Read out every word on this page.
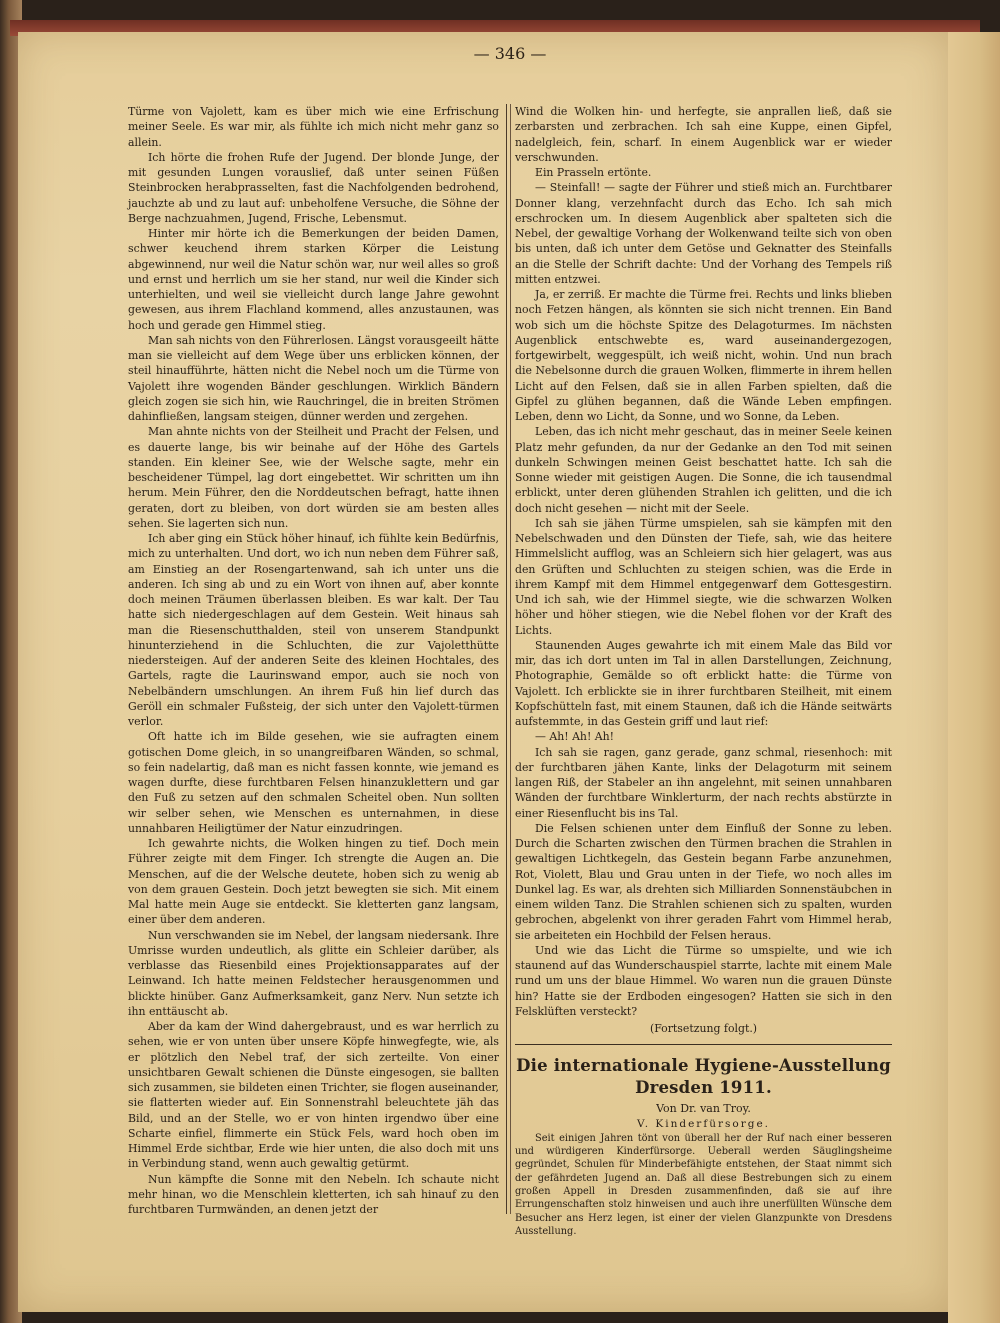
— 346 —

Türme von Vajolett, kam es über mich wie eine Erfrischung meiner Seele. Es war mir, als fühlte ich mich nicht mehr ganz so allein.

Ich hörte die frohen Rufe der Jugend. Der blonde Junge, der mit gesunden Lungen vorauslief, daß unter seinen Füßen Steinbrocken herabprasselten, fast die Nachfolgenden bedrohend, jauchzte ab und zu laut auf: unbeholfene Versuche, die Söhne der Berge nachzuahmen, Jugend, Frische, Lebensmut.

Hinter mir hörte ich die Bemerkungen der beiden Damen, schwer keuchend ihrem starken Körper die Leistung abgewinnend, nur weil die Natur schön war, nur weil alles so groß und ernst und herrlich um sie her stand, nur weil die Kinder sich unterhielten, und weil sie vielleicht durch lange Jahre gewohnt gewesen, aus ihrem Flachland kommend, alles anzustaunen, was hoch und gerade gen Himmel stieg.

Man sah nichts von den Führerlosen. Längst vorausgeeilt hätte man sie vielleicht auf dem Wege über uns erblicken können, der steil hinaufführte, hätten nicht die Nebel noch um die Türme von Vajolett ihre wogenden Bänder geschlungen. Wirklich Bändern gleich zogen sie sich hin, wie Rauchringel, die in breiten Strömen dahinfließen, langsam steigen, dünner werden und zergehen.

Man ahnte nichts von der Steilheit und Pracht der Felsen, und es dauerte lange, bis wir beinahe auf der Höhe des Gartels standen. Ein kleiner See, wie der Welsche sagte, mehr ein bescheidener Tümpel, lag dort eingebettet. Wir schritten um ihn herum. Mein Führer, den die Norddeutschen befragt, hatte ihnen geraten, dort zu bleiben, von dort würden sie am besten alles sehen. Sie lagerten sich nun.

Ich aber ging ein Stück höher hinauf, ich fühlte kein Bedürfnis, mich zu unterhalten. Und dort, wo ich nun neben dem Führer saß, am Einstieg an der Rosengartenwand, sah ich unter uns die anderen. Ich sing ab und zu ein Wort von ihnen auf, aber konnte doch meinen Träumen überlassen bleiben. Es war kalt. Der Tau hatte sich niedergeschlagen auf dem Gestein. Weit hinaus sah man die Riesenschutthalden, steil von unserem Standpunkt hinunterziehend in die Schluchten, die zur Vajoletthütte niedersteigen. Auf der anderen Seite des kleinen Hochtales, des Gartels, ragte die Laurinswand empor, auch sie noch von Nebelbändern umschlungen. An ihrem Fuß hin lief durch das Geröll ein schmaler Fußsteig, der sich unter den Vajolett-türmen verlor.

Oft hatte ich im Bilde gesehen, wie sie aufragten einem gotischen Dome gleich, in so unangreifbaren Wänden, so schmal, so fein nadelartig, daß man es nicht fassen konnte, wie jemand es wagen durfte, diese furchtbaren Felsen hinanzuklettern und gar den Fuß zu setzen auf den schmalen Scheitel oben. Nun sollten wir selber sehen, wie Menschen es unternahmen, in diese unnahbaren Heiligtümer der Natur einzudringen.

Ich gewahrte nichts, die Wolken hingen zu tief. Doch mein Führer zeigte mit dem Finger. Ich strengte die Augen an. Die Menschen, auf die der Welsche deutete, hoben sich zu wenig ab von dem grauen Gestein. Doch jetzt bewegten sie sich. Mit einem Mal hatte mein Auge sie entdeckt. Sie kletterten ganz langsam, einer über dem anderen.

Nun verschwanden sie im Nebel, der langsam niedersank. Ihre Umrisse wurden undeutlich, als glitte ein Schleier darüber, als verblasse das Riesenbild eines Projektionsapparates auf der Leinwand. Ich hatte meinen Feldstecher herausgenommen und blickte hinüber. Ganz Aufmerksamkeit, ganz Nerv. Nun setzte ich ihn enttäuscht ab.

Aber da kam der Wind dahergebraust, und es war herrlich zu sehen, wie er von unten über unsere Köpfe hinwegfegte, wie, als er plötzlich den Nebel traf, der sich zerteilte. Von einer unsichtbaren Gewalt schienen die Dünste eingesogen, sie ballten sich zusammen, sie bildeten einen Trichter, sie flogen auseinander, sie flatterten wieder auf. Ein Sonnenstrahl beleuchtete jäh das Bild, und an der Stelle, wo er von hinten irgendwo über eine Scharte einfiel, flimmerte ein Stück Fels, ward hoch oben im Himmel Erde sichtbar, Erde wie hier unten, die also doch mit uns in Verbindung stand, wenn auch gewaltig getürmt.

Nun kämpfte die Sonne mit den Nebeln. Ich schaute nicht mehr hinan, wo die Menschlein kletterten, ich sah hinauf zu den furchtbaren Turmwänden, an denen jetzt der

Wind die Wolken hin- und herfegte, sie anprallen ließ, daß sie zerbarsten und zerbrachen. Ich sah eine Kuppe, einen Gipfel, nadelgleich, fein, scharf. In einem Augenblick war er wieder verschwunden.

Ein Prasseln ertönte.

— Steinfall! — sagte der Führer und stieß mich an. Furchtbarer Donner klang, verzehnfacht durch das Echo. Ich sah mich erschrocken um. In diesem Augenblick aber spalteten sich die Nebel, der gewaltige Vorhang der Wolkenwand teilte sich von oben bis unten, daß ich unter dem Getöse und Geknatter des Steinfalls an die Stelle der Schrift dachte: Und der Vorhang des Tempels riß mitten entzwei.

Ja, er zerriß. Er machte die Türme frei. Rechts und links blieben noch Fetzen hängen, als könnten sie sich nicht trennen. Ein Band wob sich um die höchste Spitze des Delagoturmes. Im nächsten Augenblick entschwebte es, ward auseinandergezogen, fortgewirbelt, weggespült, ich weiß nicht, wohin. Und nun brach die Nebelsonne durch die grauen Wolken, flimmerte in ihrem hellen Licht auf den Felsen, daß sie in allen Farben spielten, daß die Gipfel zu glühen begannen, daß die Wände Leben empfingen. Leben, denn wo Licht, da Sonne, und wo Sonne, da Leben.

Leben, das ich nicht mehr geschaut, das in meiner Seele keinen Platz mehr gefunden, da nur der Gedanke an den Tod mit seinen dunkeln Schwingen meinen Geist beschattet hatte. Ich sah die Sonne wieder mit geistigen Augen. Die Sonne, die ich tausendmal erblickt, unter deren glühenden Strahlen ich gelitten, und die ich doch nicht gesehen — nicht mit der Seele.

Ich sah sie jähen Türme umspielen, sah sie kämpfen mit den Nebelschwaden und den Dünsten der Tiefe, sah, wie das heitere Himmelslicht aufflog, was an Schleiern sich hier gelagert, was aus den Grüften und Schluchten zu steigen schien, was die Erde in ihrem Kampf mit dem Himmel entgegenwarf dem Gottesgestirn. Und ich sah, wie der Himmel siegte, wie die schwarzen Wolken höher und höher stiegen, wie die Nebel flohen vor der Kraft des Lichts.

Staunenden Auges gewahrte ich mit einem Male das Bild vor mir, das ich dort unten im Tal in allen Darstellungen, Zeichnung, Photographie, Gemälde so oft erblickt hatte: die Türme von Vajolett. Ich erblickte sie in ihrer furchtbaren Steilheit, mit einem Kopfschütteln fast, mit einem Staunen, daß ich die Hände seitwärts aufstemmte, in das Gestein griff und laut rief:

— Ah! Ah! Ah!

Ich sah sie ragen, ganz gerade, ganz schmal, riesenhoch: mit der furchtbaren jähen Kante, links der Delagoturm mit seinem langen Riß, der Stabeler an ihn angelehnt, mit seinen unnahbaren Wänden der furchtbare Winklerturm, der nach rechts abstürzte in einer Riesenflucht bis ins Tal.

Die Felsen schienen unter dem Einfluß der Sonne zu leben. Durch die Scharten zwischen den Türmen brachen die Strahlen in gewaltigen Lichtkegeln, das Gestein begann Farbe anzunehmen, Rot, Violett, Blau und Grau unten in der Tiefe, wo noch alles im Dunkel lag. Es war, als drehten sich Milliarden Sonnenstäubchen in einem wilden Tanz. Die Strahlen schienen sich zu spalten, wurden gebrochen, abgelenkt von ihrer geraden Fahrt vom Himmel herab, sie arbeiteten ein Hochbild der Felsen heraus.

Und wie das Licht die Türme so umspielte, und wie ich staunend auf das Wunderschauspiel starrte, lachte mit einem Male rund um uns der blaue Himmel. Wo waren nun die grauen Dünste hin? Hatte sie der Erdboden eingesogen? Hatten sie sich in den Felsklüften versteckt?

(Fortsetzung folgt.)

Die internationale Hygiene-Ausstellung Dresden 1911.

Von Dr. van Troy.

V. Kinderfürsorge.

Seit einigen Jahren tönt von überall her der Ruf nach einer besseren und würdigeren Kinderfürsorge. Ueberall werden Säuglingsheime gegründet, Schulen für Minderbefähigte entstehen, der Staat nimmt sich der gefährdeten Jugend an. Daß all diese Bestrebungen sich zu einem großen Appell in Dresden zusammenfinden, daß sie auf ihre Errungenschaften stolz hinweisen und auch ihre unerfüllten Wünsche dem Besucher ans Herz legen, ist einer der vielen Glanzpunkte von Dresdens Ausstellung.
